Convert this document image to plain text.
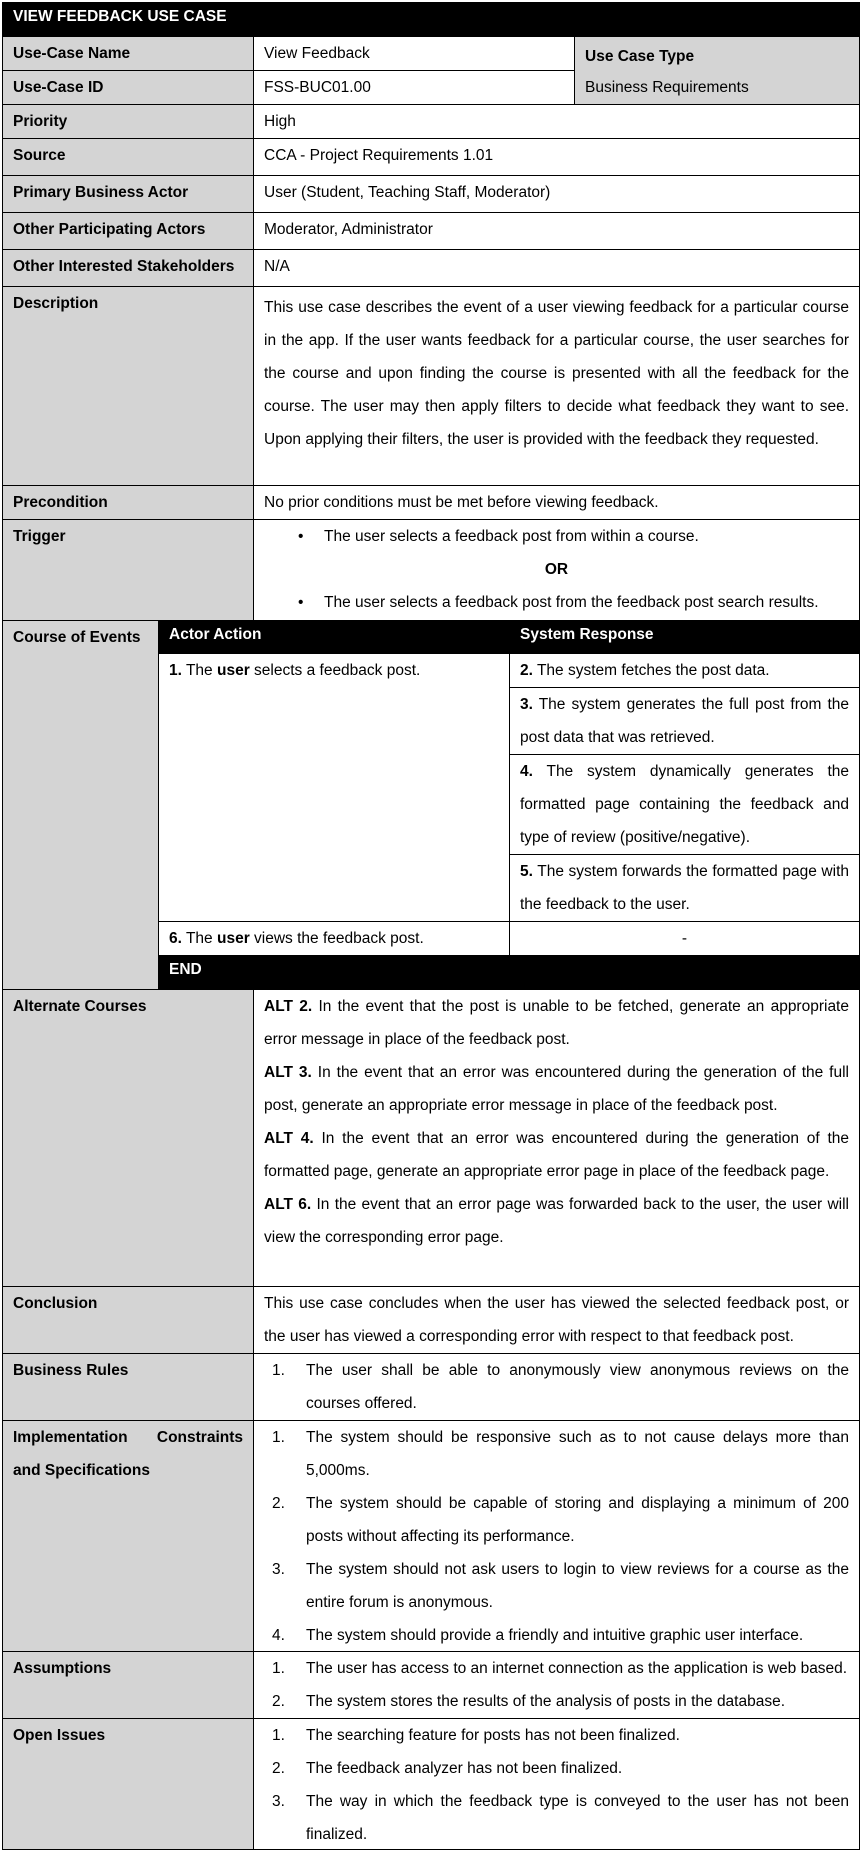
VIEW FEEDBACK USE CASE
Use-Case Name	View Feedback
Use-Case ID	FSS-BUC01.00
Use Case Type
Business Requirements
Priority	High
Source	CCA - Project Requirements 1.01
Primary Business Actor	User (Student, Teaching Staff, Moderator)
Other Participating Actors	Moderator, Administrator
Other Interested Stakeholders	N/A
Description	This use case describes the event of a user viewing feedback for a particular course in the app. If the user wants feedback for a particular course, the user searches for the course and upon finding the course is presented with all the feedback for the course. The user may then apply filters to decide what feedback they want to see. Upon applying their filters, the user is provided with the feedback they requested.
Precondition	No prior conditions must be met before viewing feedback.
Trigger
•	The user selects a feedback post from within a course.
OR
• The user selects a feedback post from the feedback post search results.
Course of Events	Actor Action	System Response
1. The user selects a feedback post.	2. The system fetches the post data.
3. The system generates the full post from the post data that was retrieved.
4. The system dynamically generates the formatted page containing the feedback and type of review (positive/negative).
5. The system forwards the formatted page with the feedback to the user.
6. The user views the feedback post.	-
END
Alternate Courses	ALT 2. In the event that the post is unable to be fetched, generate an appropriate error message in place of the feedback post.

ALT 3. In the event that an error was encountered during the generation of the full post, generate an appropriate error message in place of the feedback post.

ALT 4. In the event that an error was encountered during the generation of the formatted page, generate an appropriate error page in place of the feedback page.

ALT 6. In the event that an error page was forwarded back to the user, the user will view the corresponding error page.

Conclusion	This use case concludes when the user has viewed the selected feedback post, or the user has viewed a corresponding error with respect to that feedback post.
Business Rules	1. The user shall be able to anonymously view anonymous reviews on the courses offered.
Implementation Constraints
and Specifications
1. The system should be responsive such as to not cause delays more than 5,000ms.
2. The system should be capable of storing and displaying a minimum of 200 posts without affecting its performance.
3. The system should not ask users to login to view reviews for a course as the entire forum is anonymous.
4. The system should provide a friendly and intuitive graphic user interface.
Assumptions	1. The user has access to an internet connection as the application is web based.
2. The system stores the results of the analysis of posts in the database.
Open Issues	1. The searching feature for posts has not been finalized.
2. The feedback analyzer has not been finalized.
3. The way in which the feedback type is conveyed to the user has not been finalized.
